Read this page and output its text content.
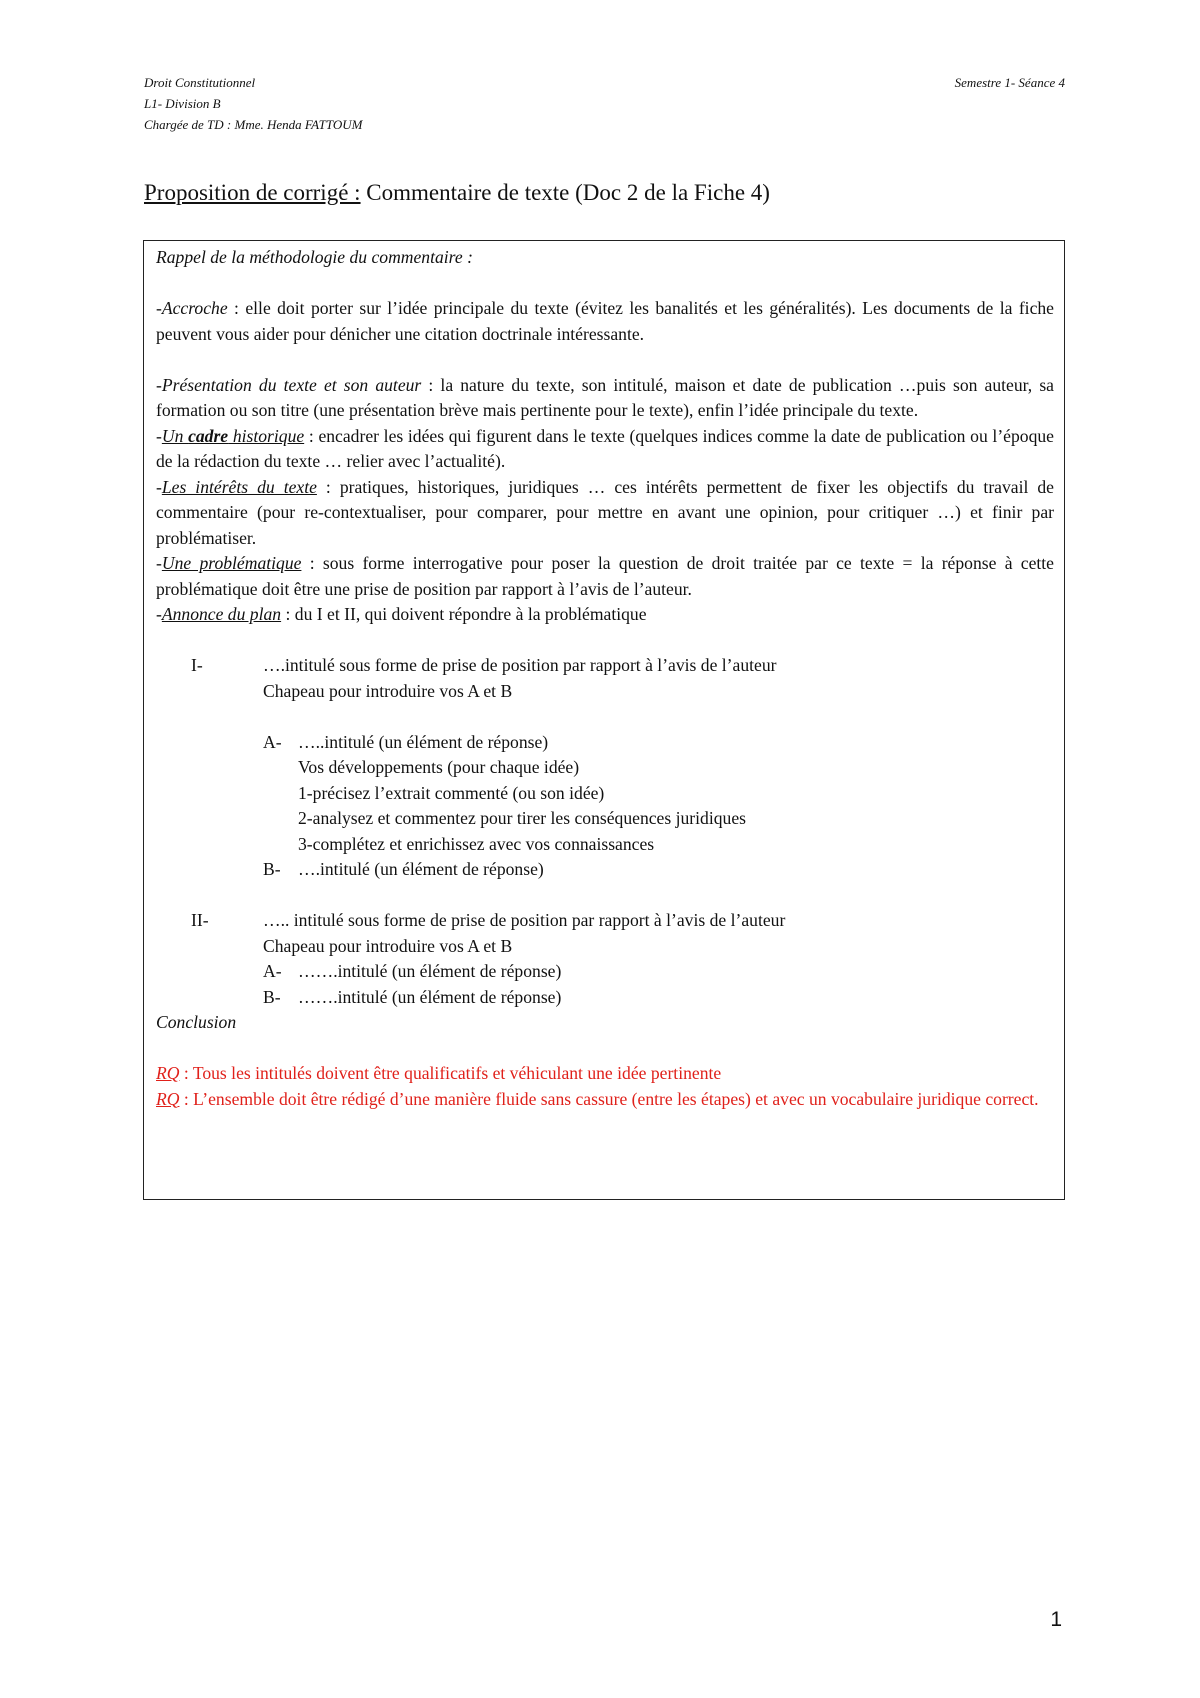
Droit Constitutionnel
L1- Division B
Chargée de TD : Mme. Henda FATTOUM
Semestre 1- Séance 4
Proposition de corrigé : Commentaire de texte (Doc 2 de la Fiche 4)

Rappel de la méthodologie du commentaire :

-Accroche : elle doit porter sur l’idée principale du texte (évitez les banalités et les généralités). Les documents de la fiche peuvent vous aider pour dénicher une citation doctrinale intéressante.

-Présentation du texte et son auteur : la nature du texte, son intitulé, maison et date de publication …puis son auteur, sa formation ou son titre (une présentation brève mais pertinente pour le texte), enfin l’idée principale du texte.

-Un cadre historique : encadrer les idées qui figurent dans le texte (quelques indices comme la date de publication ou l’époque de la rédaction du texte … relier avec l’actualité).

-Les intérêts du texte : pratiques, historiques, juridiques … ces intérêts permettent de fixer les objectifs du travail de commentaire (pour re-contextualiser, pour comparer, pour mettre en avant une opinion, pour critiquer …) et finir par problématiser.

-Une problématique : sous forme interrogative pour poser la question de droit traitée par ce texte = la réponse à cette problématique doit être une prise de position par rapport à l’avis de l’auteur.

-Annonce du plan : du I et II, qui doivent répondre à la problématique

I-	….intitulé sous forme de prise de position par rapport à l’avis de l’auteur
Chapeau pour introduire vos A et B
A- …..intitulé (un élément de réponse)
Vos développements (pour chaque idée)
1-précisez l’extrait commenté (ou son idée)
2-analysez et commentez pour tirer les conséquences juridiques
3-complétez et enrichissez avec vos connaissances
B- ….intitulé (un élément de réponse)
II-	….. intitulé sous forme de prise de position par rapport à l’avis de l’auteur
Chapeau pour introduire vos A et B
A- …….intitulé (un élément de réponse)
B- …….intitulé (un élément de réponse)

Conclusion

RQ : Tous les intitulés doivent être qualificatifs et véhiculant une idée pertinente

RQ : L’ensemble doit être rédigé d’une manière fluide sans cassure (entre les étapes) et avec un vocabulaire juridique correct.

1
